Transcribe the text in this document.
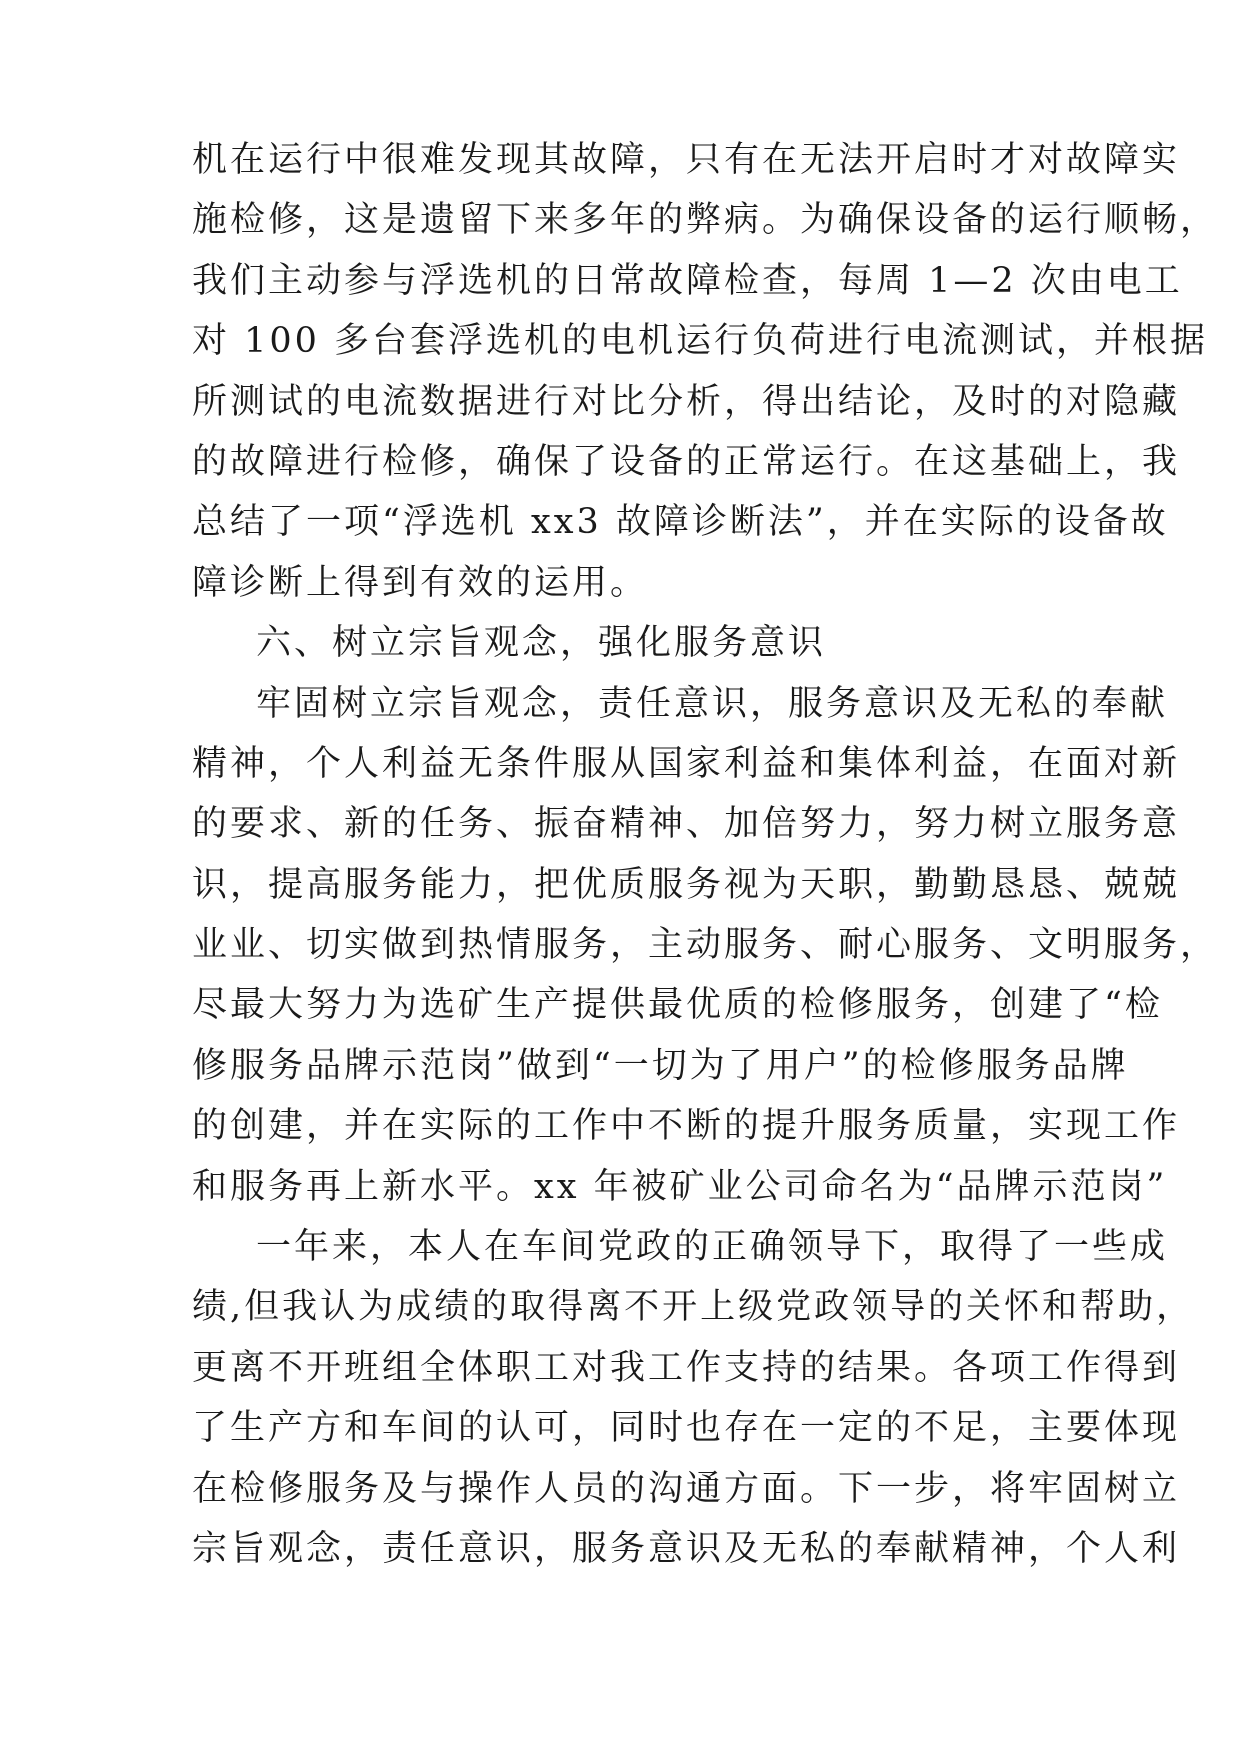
机在运行中很难发现其故障，只有在无法开启时才对故障实
施检修，这是遗留下来多年的弊病。为确保设备的运行顺畅，
我们主动参与浮选机的日常故障检查，每周 1—2 次由电工
对 100 多台套浮选机的电机运行负荷进行电流测试，并根据
所测试的电流数据进行对比分析，得出结论，及时的对隐藏
的故障进行检修，确保了设备的正常运行。在这基础上，我
总结了一项“浮选机 xx3 故障诊断法”，并在实际的设备故
障诊断上得到有效的运用。
六、树立宗旨观念，强化服务意识
牢固树立宗旨观念，责任意识，服务意识及无私的奉献
精神，个人利益无条件服从国家利益和集体利益，在面对新
的要求、新的任务、振奋精神、加倍努力，努力树立服务意
识，提高服务能力，把优质服务视为天职，勤勤恳恳、兢兢
业业、切实做到热情服务，主动服务、耐心服务、文明服务，
尽最大努力为选矿生产提供最优质的检修服务，创建了“检
修服务品牌示范岗”做到“一切为了用户”的检修服务品牌
的创建，并在实际的工作中不断的提升服务质量，实现工作
和服务再上新水平。xx 年被矿业公司命名为“品牌示范岗”
一年来，本人在车间党政的正确领导下，取得了一些成
绩,但我认为成绩的取得离不开上级党政领导的关怀和帮助，
更离不开班组全体职工对我工作支持的结果。各项工作得到
了生产方和车间的认可，同时也存在一定的不足，主要体现
在检修服务及与操作人员的沟通方面。下一步，将牢固树立
宗旨观念，责任意识，服务意识及无私的奉献精神，个人利
